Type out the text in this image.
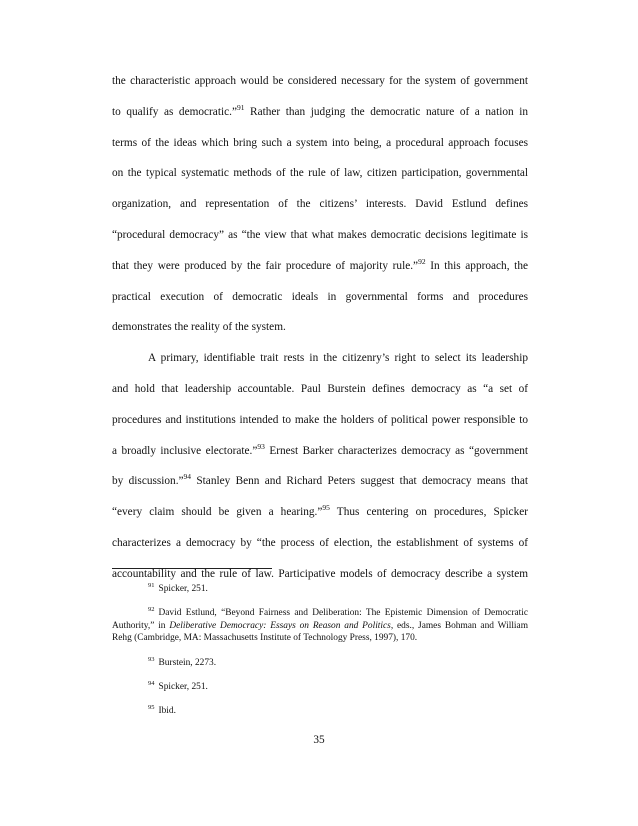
the characteristic approach would be considered necessary for the system of government
to qualify as democratic.”$^{91}$ Rather than judging the democratic nature of a nation in
terms of the ideas which bring such a system into being, a procedural approach focuses
on the typical systematic methods of the rule of law, citizen participation, governmental
organization, and representation of the citizens’ interests. David Estlund defines
“procedural democracy” as “the view that what makes democratic decisions legitimate is
that they were produced by the fair procedure of majority rule.”$^{92}$ In this approach, the
practical execution of democratic ideals in governmental forms and procedures
demonstrates the reality of the system.
A primary, identifiable trait rests in the citizenry’s right to select its leadership
and hold that leadership accountable. Paul Burstein defines democracy as “a set of
procedures and institutions intended to make the holders of political power responsible to
a broadly inclusive electorate.”$^{93}$ Ernest Barker characterizes democracy as “government
by discussion.”$^{94}$ Stanley Benn and Richard Peters suggest that democracy means that
“every claim should be given a hearing.”$^{95}$ Thus centering on procedures, Spicker
characterizes a democracy by “the process of election, the establishment of systems of
accountability and the rule of law. Participative models of democracy describe a system
$^{91}$ Spicker, 251.
$^{92}$ David Estlund, “Beyond Fairness and Deliberation: The Epistemic Dimension of Democratic Authority,” in Deliberative Democracy: Essays on Reason and Politics, eds., James Bohman and William Rehg (Cambridge, MA: Massachusetts Institute of Technology Press, 1997), 170.
$^{93}$ Burstein, 2273.
$^{94}$ Spicker, 251.
$^{95}$ Ibid.
35
